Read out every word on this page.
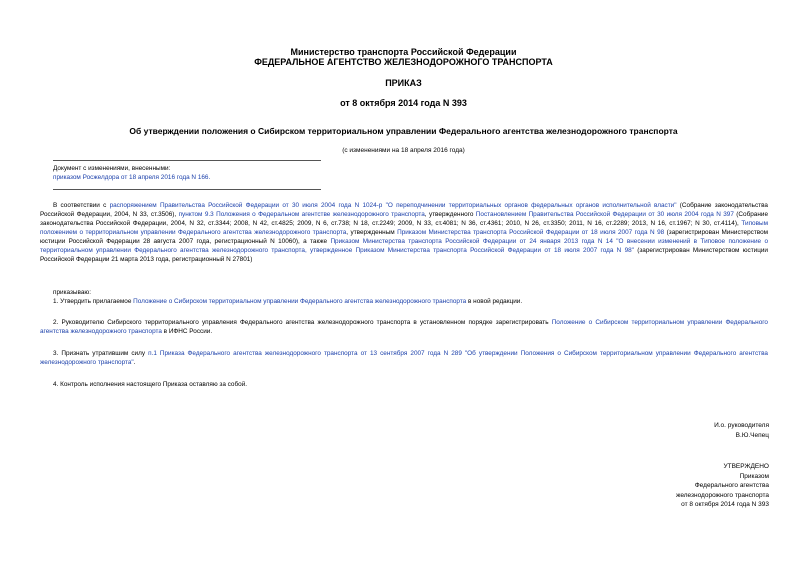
Министерство транспорта Российской Федерации
ФЕДЕРАЛЬНОЕ АГЕНТСТВО ЖЕЛЕЗНОДОРОЖНОГО ТРАНСПОРТА
ПРИКАЗ
от 8 октября 2014 года N 393
Об утверждении положения о Сибирском территориальном управлении Федерального агентства железнодорожного транспорта
(с изменениями на 18 апреля 2016 года)
Документ с изменениями, внесенными:
приказом Росжелдора от 18 апреля 2016 года N 166.
В соответствии с распоряжением Правительства Российской Федерации от 30 июля 2004 года N 1024-р "О переподчинении территориальных органов федеральных органов исполнительной власти" (Собрание законодательства Российской Федерации, 2004, N 33, ст.3506), пунктом 9.3 Положения о Федеральном агентстве железнодорожного транспорта, утвержденного Постановлением Правительства Российской Федерации от 30 июля 2004 года N 397 (Собрание законодательства Российской Федерации, 2004, N 32, ст.3344; 2008, N 42, ст.4825; 2009, N 6, ст.738; N 18, ст.2249; 2009, N 33, ст.4081; N 36, ст.4361; 2010, N 26, ст.3350; 2011, N 16, ст.2289; 2013, N 16, ст.1967; N 30, ст.4114), Типовым положением о территориальном управлении Федерального агентства железнодорожного транспорта, утвержденным Приказом Министерства транспорта Российской Федерации от 18 июля 2007 года N 98 (зарегистрирован Министерством юстиции Российской Федерации 28 августа 2007 года, регистрационный N 10060), а также Приказом Министерства транспорта Российской Федерации от 24 января 2013 года N 14 "О внесении изменений в Типовое положение о территориальном управлении Федерального агентства железнодорожного транспорта, утвержденное Приказом Министерства транспорта Российской Федерации от 18 июля 2007 года N 98" (зарегистрирован Министерством юстиции Российской Федерации 21 марта 2013 года, регистрационный N 27801)
приказываю:
1. Утвердить прилагаемое Положение о Сибирском территориальном управлении Федерального агентства железнодорожного транспорта в новой редакции.
2. Руководителю Сибирского территориального управления Федерального агентства железнодорожного транспорта в установленном порядке зарегистрировать Положение о Сибирском территориальном управлении Федерального агентства железнодорожного транспорта в ИФНС России.
3. Признать утратившим силу п.1 Приказа Федерального агентства железнодорожного транспорта от 13 сентября 2007 года N 289 "Об утверждении Положения о Сибирском территориальном управлении Федерального агентства железнодорожного транспорта".
4. Контроль исполнения настоящего Приказа оставляю за собой.
И.о. руководителя
В.Ю.Чепец
УТВЕРЖДЕНО
Приказом
Федерального агентства
железнодорожного транспорта
от 8 октября 2014 года N 393
